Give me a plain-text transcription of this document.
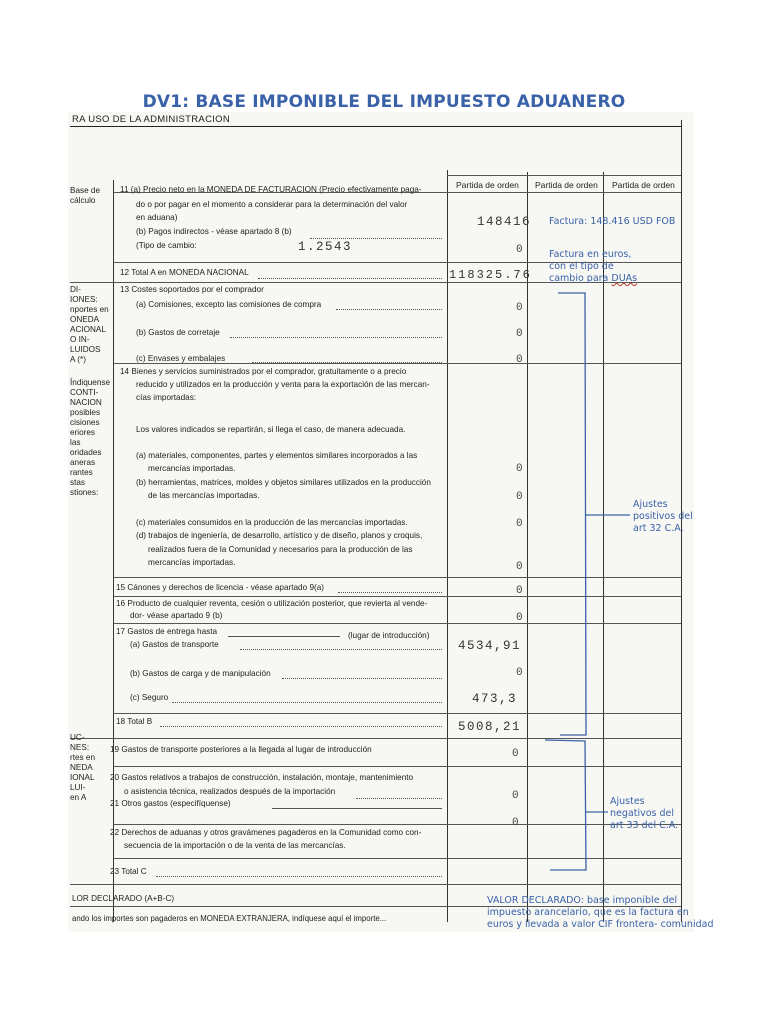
DV1: BASE IMPONIBLE DEL IMPUESTO ADUANERO
RA USO DE LA ADMINISTRACION
Partida de orden Partida de orden Partida de orden
Base de
cálculo
DI-
IONES:
nportes en
ONEDA
ACIONAL
O IN-
LUIDOS
A (*)
Índiquense
CONTI-
NACION
posibles
cisiones
eriores
las
oridades
aneras
rantes
stas
stiones:
UC-
NES:
rtes en
NEDA
IONAL
LUI-
en A
11 (a) Precio neto en la MONEDA DE FACTURACION (Precio efectivamente paga-
do o por pagar en el momento a considerar para la determinación del valor
en aduana)
(b) Pagos indirectos - véase apartado 8 (b)
(Tipo de cambio:
12 Total A en MONEDA NACIONAL
13 Costes soportados por el comprador
(a) Comisiones, excepto las comisiones de compra
(b) Gastos de corretaje
(c) Envases y embalajes
14 Bienes y servicios suministrados por el comprador, gratuitamente o a precio
reducido y utilizados en la producción y venta para la exportación de las mercan-
cías importadas:
Los valores indicados se repartirán, si llega el caso, de manera adecuada.
(a) materiales, componentes, partes y elementos similares incorporados a las
mercancías importadas.
(b) herramientas, matrices, moldes y objetos similares utilizados en la producción
de las mercancías importadas.
(c) materiales consumidos en la producción de las mercancías importadas.
(d) trabajos de ingeniería, de desarrollo, artístico y de diseño, planos y croquis,
realizados fuera de la Comunidad y necesarios para la producción de las
mercancías importadas.
15 Cánones y derechos de licencia - véase apartado 9(a)
16 Producto de cualquier reventa, cesión o utilización posterior, que revierta al vende-
dor- véase apartado 9 (b)
17 Gastos de entrega hasta	(lugar de introducción)
(a) Gastos de transporte
(b) Gastos de carga y de manipulación
(c) Seguro
18 Total B
19 Gastos de transporte posteriores a la llegada al lugar de introducción
20 Gastos relativos a trabajos de construcción, instalación, montaje, mantenimiento
o asistencia técnica, realizados después de la importación
21 Otros gastos (especifíquense)
22 Derechos de aduanas y otros gravámenes pagaderos en la Comunidad como con-
secuencia de la importación o de la venta de las mercancías.
23 Total C
LOR DECLARADO (A+B-C)
ando los importes son pagaderos en MONEDA EXTRANJERA, indíquese aquí el importe...
148416
1.2543
118325.76
4534,91
473,3
5008,21
0
0
0
0
0
0
0
0
0
0
0
0
0
0
Factura: 148.416 USD FOB
Factura en euros,
con el tipo de
cambio para DUAs
Ajustes
positivos del
art 32 C.A.
Ajustes
negativos del
art 33 del C.A.
VALOR DECLARADO: base imponible del
impuesto arancelario, que es la factura en
euros y llevada a valor CIF frontera- comunidad
